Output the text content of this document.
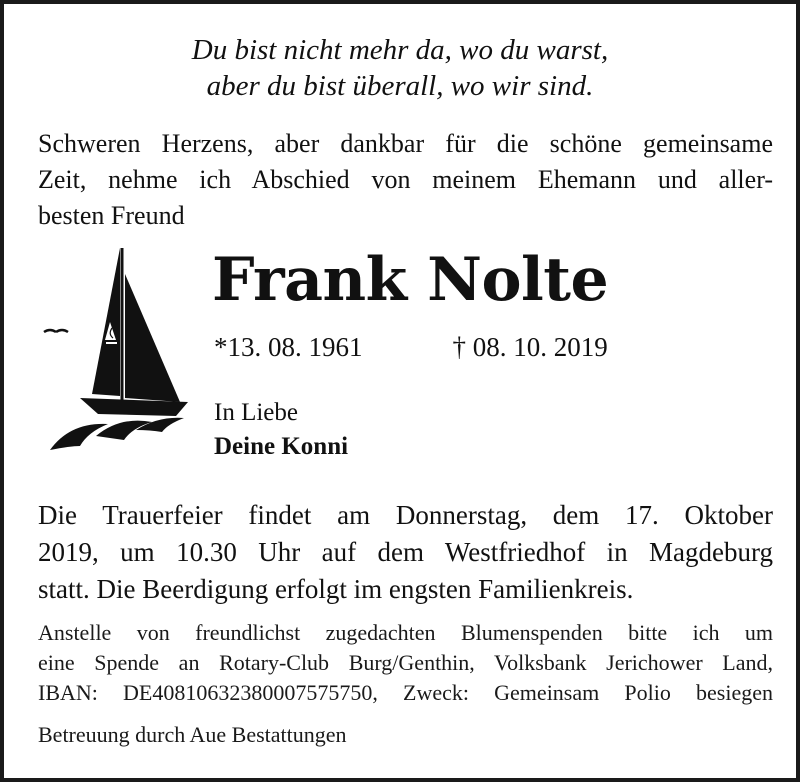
Du bist nicht mehr da, wo du warst,
aber du bist überall, wo wir sind.
Schweren Herzens, aber dankbar für die schöne gemeinsame
Zeit, nehme ich Abschied von meinem Ehemann und aller-
besten Freund
Frank Nolte
*13. 08. 1961	† 08. 10. 2019
In Liebe
Deine Konni
Die Trauerfeier findet am Donnerstag, dem 17. Oktober
2019, um 10.30 Uhr auf dem Westfriedhof in Magdeburg
statt. Die Beerdigung erfolgt im engsten Familienkreis.
Anstelle von freundlichst zugedachten Blumenspenden bitte ich um
eine Spende an Rotary-Club Burg/Genthin, Volksbank Jerichower Land,
IBAN: DE40810632380007575750, Zweck: Gemeinsam Polio besiegen
Betreuung durch Aue Bestattungen
